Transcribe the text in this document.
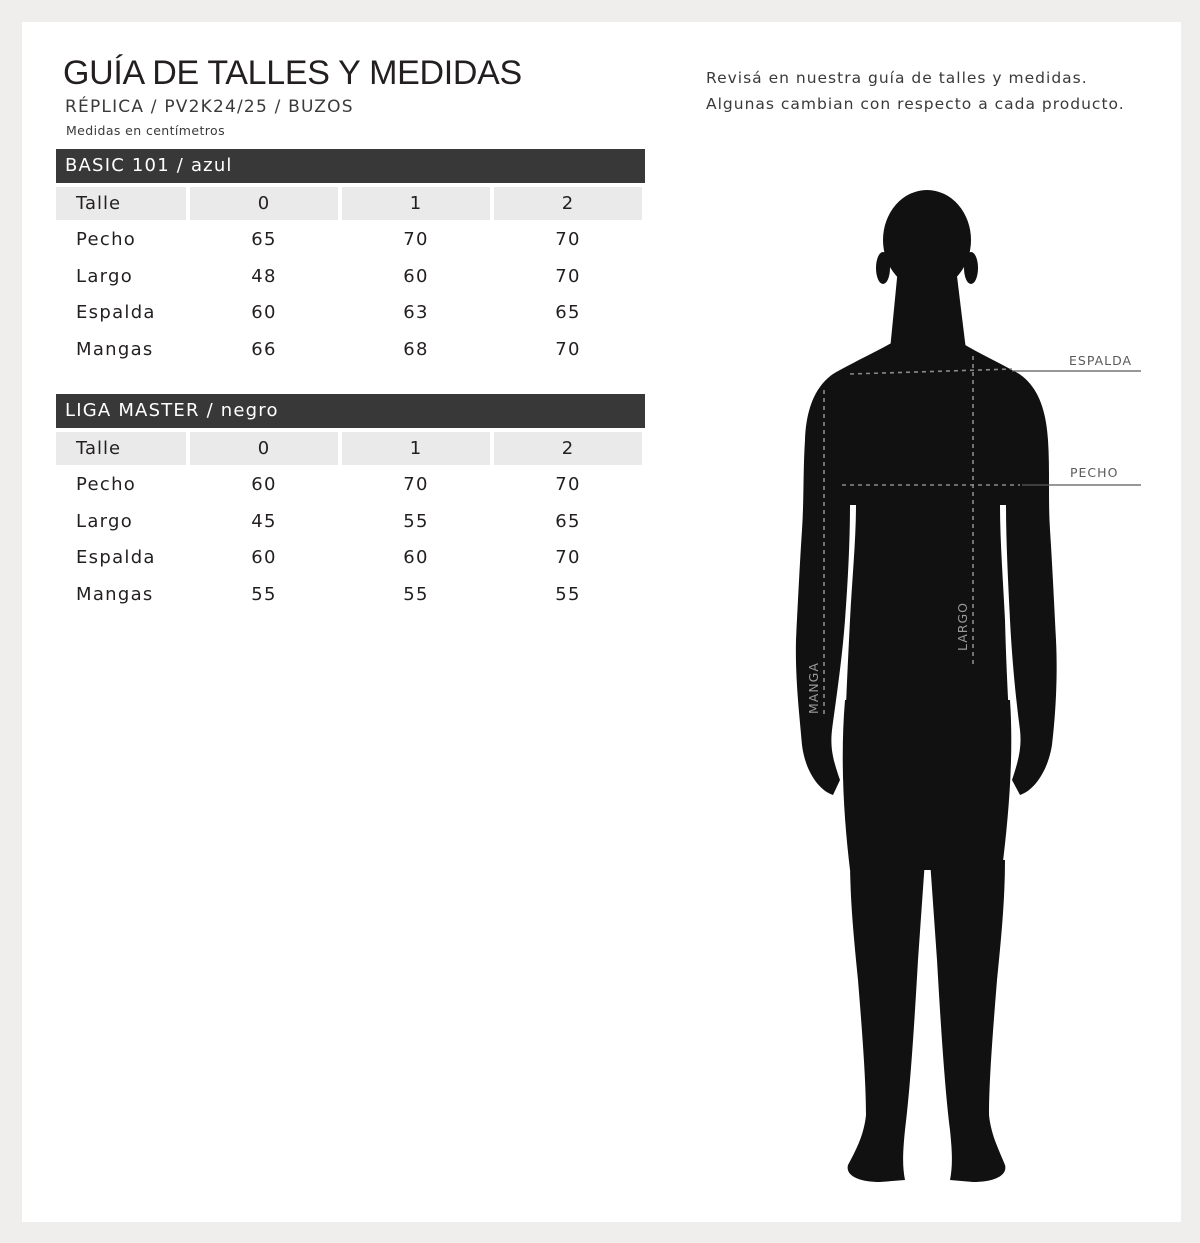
GUÍA DE TALLES Y MEDIDAS
RÉPLICA / PV2K24/25 / BUZOS
Medidas en centímetros
Revisá en nuestra guía de talles y medidas.
Algunas cambian con respecto a cada producto.
BASIC 101 / azul
Talle	0	1	2
Pecho	65	70	70
Largo	48	60	70
Espalda	60	63	65
Mangas	66	68	70
LIGA MASTER / negro
Talle	0	1	2
Pecho	60	70	70
Largo	45	55	65
Espalda	60	60	70
Mangas	55	55	55
ESPALDA
PECHO
LARGO
MANGA
